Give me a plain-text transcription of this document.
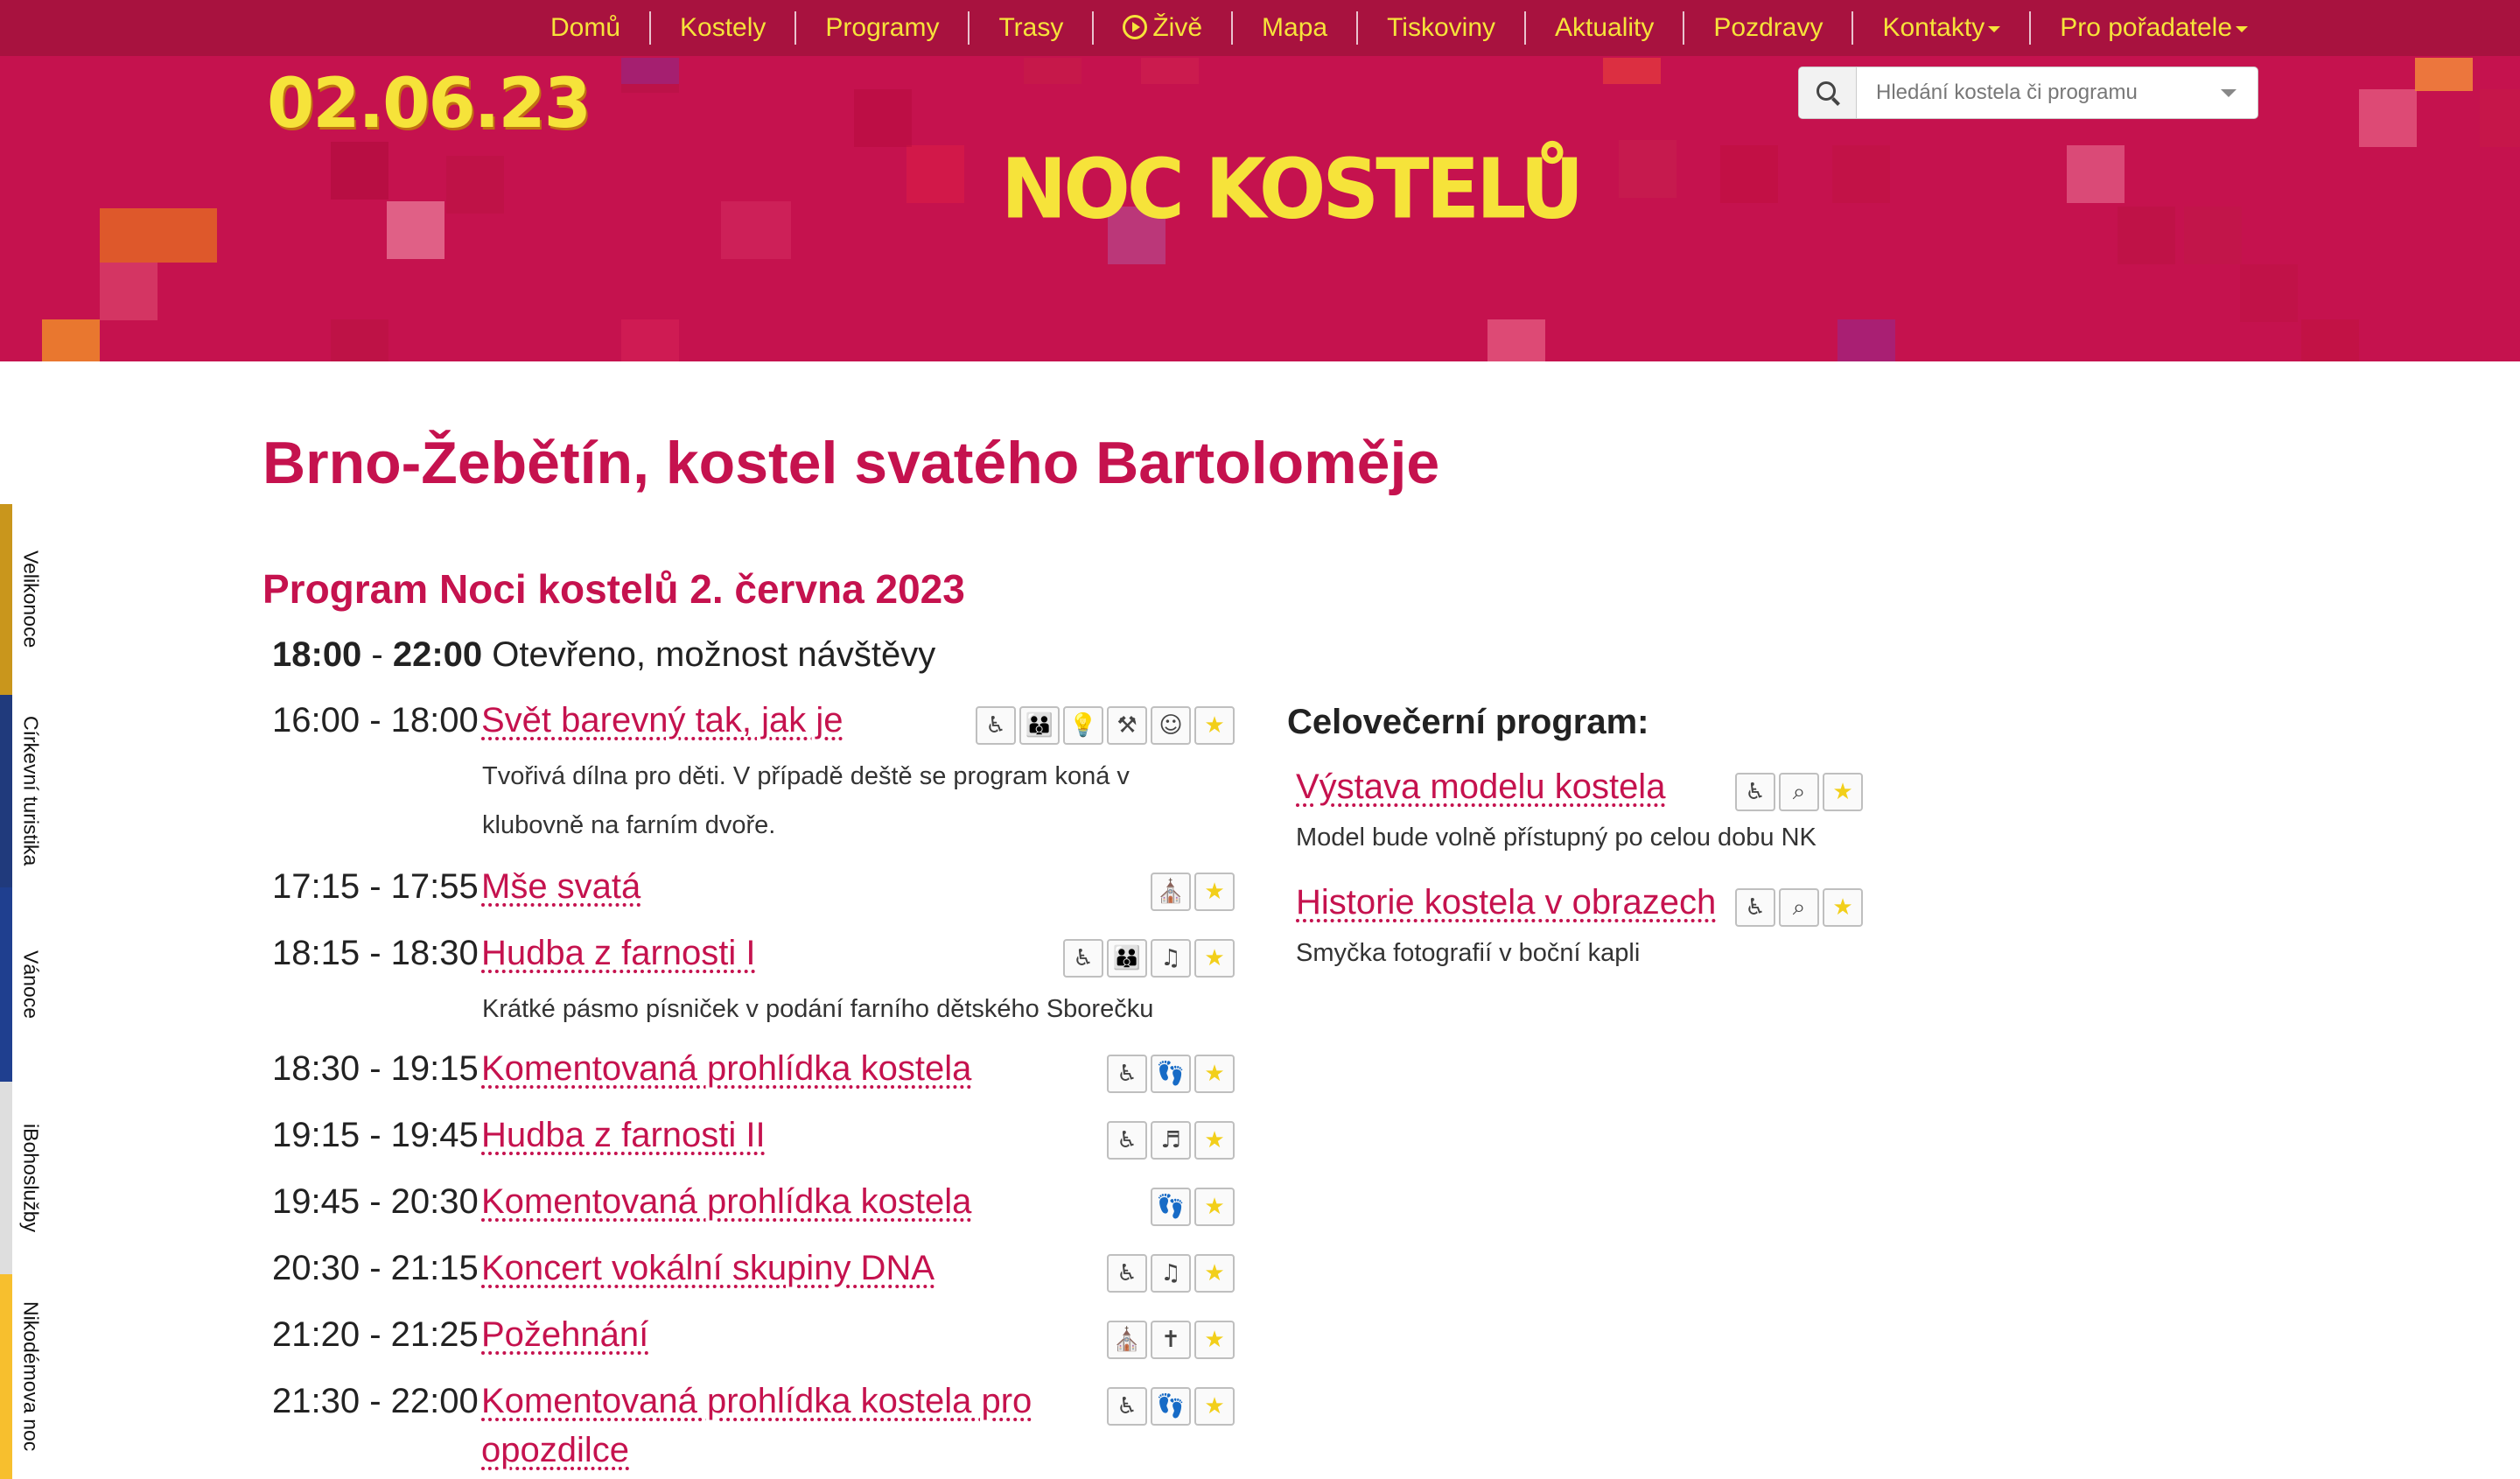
Domů	Kostely	Programy	Trasy	Živě	Mapa	Tiskoviny	Aktuality	Pozdravy	Kontakty	Pro pořadatele
02.06.23
NOC KOSTELŮ
Hledání kostela či programu
Velikonoce
Církevní turistika
Vánoce
iBohoslužby
Nikodémova noc
Brno-Žebětín, kostel svatého Bartoloměje
Program Noci kostelů 2. června 2023
18:00 - 22:00 Otevřeno, možnost návštěvy
16:00 - 18:00 Svět barevný tak, jak je
Tvořivá dílna pro děti. V případě deště se program koná v
klubovně na farním dvoře.
♿ 👪 💡 ⚒ ☺ ★
17:15 - 17:55 Mše svatá	⛪ ★
18:15 - 18:30 Hudba z farnosti I
Krátké pásmo písniček v podání farního dětského Sborečku
♿ 👪 ♫	★
18:30 - 19:15 Komentovaná prohlídka kostela	♿ 👣 ★
19:15 - 19:45 Hudba z farnosti II	♿	♬	★
19:45 - 20:30 Komentovaná prohlídka kostela	👣 ★
20:30 - 21:15 Koncert vokální skupiny DNA	♿	♫	★
21:20 - 21:25 Požehnání	⛪ ✝	★
21:30 - 22:00 Komentovaná prohlídka kostela pro
opozdilce
♿ 👣 ★
Celovečerní program:
Výstava modelu kostela
Model bude volně přístupný po celou dobu NK
♿	⌕	★
Historie kostela v obrazech
Smyčka fotografií v boční kapli
♿	⌕	★
